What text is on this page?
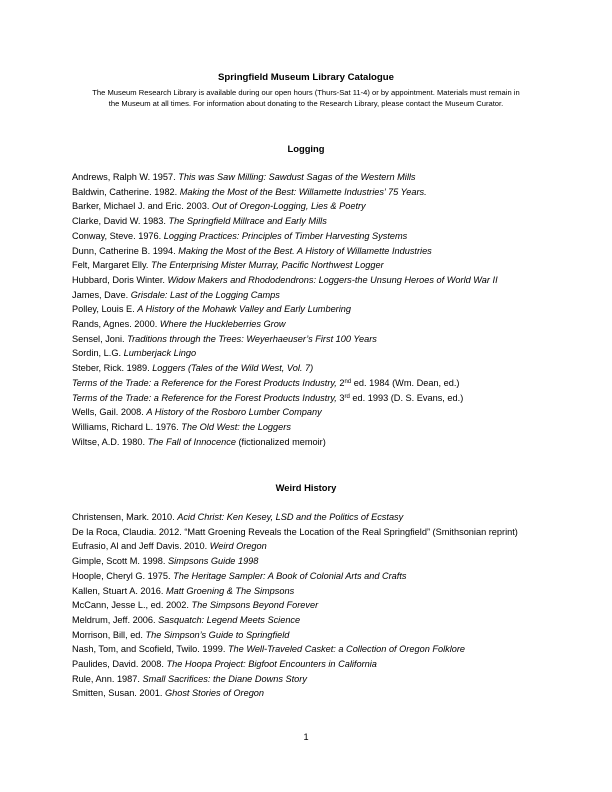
Springfield Museum Library Catalogue
The Museum Research Library is available during our open hours (Thurs-Sat 11-4) or by appointment. Materials must remain in the Museum at all times. For information about donating to the Research Library, please contact the Museum Curator.
Logging
Andrews, Ralph W. 1957. This was Saw Milling: Sawdust Sagas of the Western Mills
Baldwin, Catherine. 1982. Making the Most of the Best: Willamette Industries’ 75 Years.
Barker, Michael J. and Eric. 2003. Out of Oregon-Logging, Lies & Poetry
Clarke, David W. 1983. The Springfield Millrace and Early Mills
Conway, Steve. 1976. Logging Practices: Principles of Timber Harvesting Systems
Dunn, Catherine B. 1994. Making the Most of the Best. A History of Willamette Industries
Felt, Margaret Elly. The Enterprising Mister Murray, Pacific Northwest Logger
Hubbard, Doris Winter. Widow Makers and Rhododendrons: Loggers-the Unsung Heroes of World War II
James, Dave. Grisdale: Last of the Logging Camps
Polley, Louis E. A History of the Mohawk Valley and Early Lumbering
Rands, Agnes. 2000. Where the Huckleberries Grow
Sensel, Joni. Traditions through the Trees: Weyerhaeuser’s First 100 Years
Sordin, L.G. Lumberjack Lingo
Steber, Rick. 1989. Loggers (Tales of the Wild West, Vol. 7)
Terms of the Trade: a Reference for the Forest Products Industry, 2nd ed. 1984 (Wm. Dean, ed.)
Terms of the Trade: a Reference for the Forest Products Industry, 3rd ed. 1993 (D. S. Evans, ed.)
Wells, Gail. 2008. A History of the Rosboro Lumber Company
Williams, Richard L. 1976. The Old West: the Loggers
Wiltse, A.D. 1980. The Fall of Innocence (fictionalized memoir)
Weird History
Christensen, Mark. 2010. Acid Christ: Ken Kesey, LSD and the Politics of Ecstasy
De la Roca, Claudia. 2012. “Matt Groening Reveals the Location of the Real Springfield” (Smithsonian reprint)
Eufrasio, Al and Jeff Davis. 2010. Weird Oregon
Gimple, Scott M. 1998. Simpsons Guide 1998
Hoople, Cheryl G. 1975. The Heritage Sampler: A Book of Colonial Arts and Crafts
Kallen, Stuart A. 2016. Matt Groening & The Simpsons
McCann, Jesse L., ed. 2002. The Simpsons Beyond Forever
Meldrum, Jeff. 2006. Sasquatch: Legend Meets Science
Morrison, Bill, ed. The Simpson’s Guide to Springfield
Nash, Tom, and Scofield, Twilo. 1999. The Well-Traveled Casket: a Collection of Oregon Folklore
Paulides, David. 2008. The Hoopa Project: Bigfoot Encounters in California
Rule, Ann. 1987. Small Sacrifices: the Diane Downs Story
Smitten, Susan. 2001. Ghost Stories of Oregon
1
